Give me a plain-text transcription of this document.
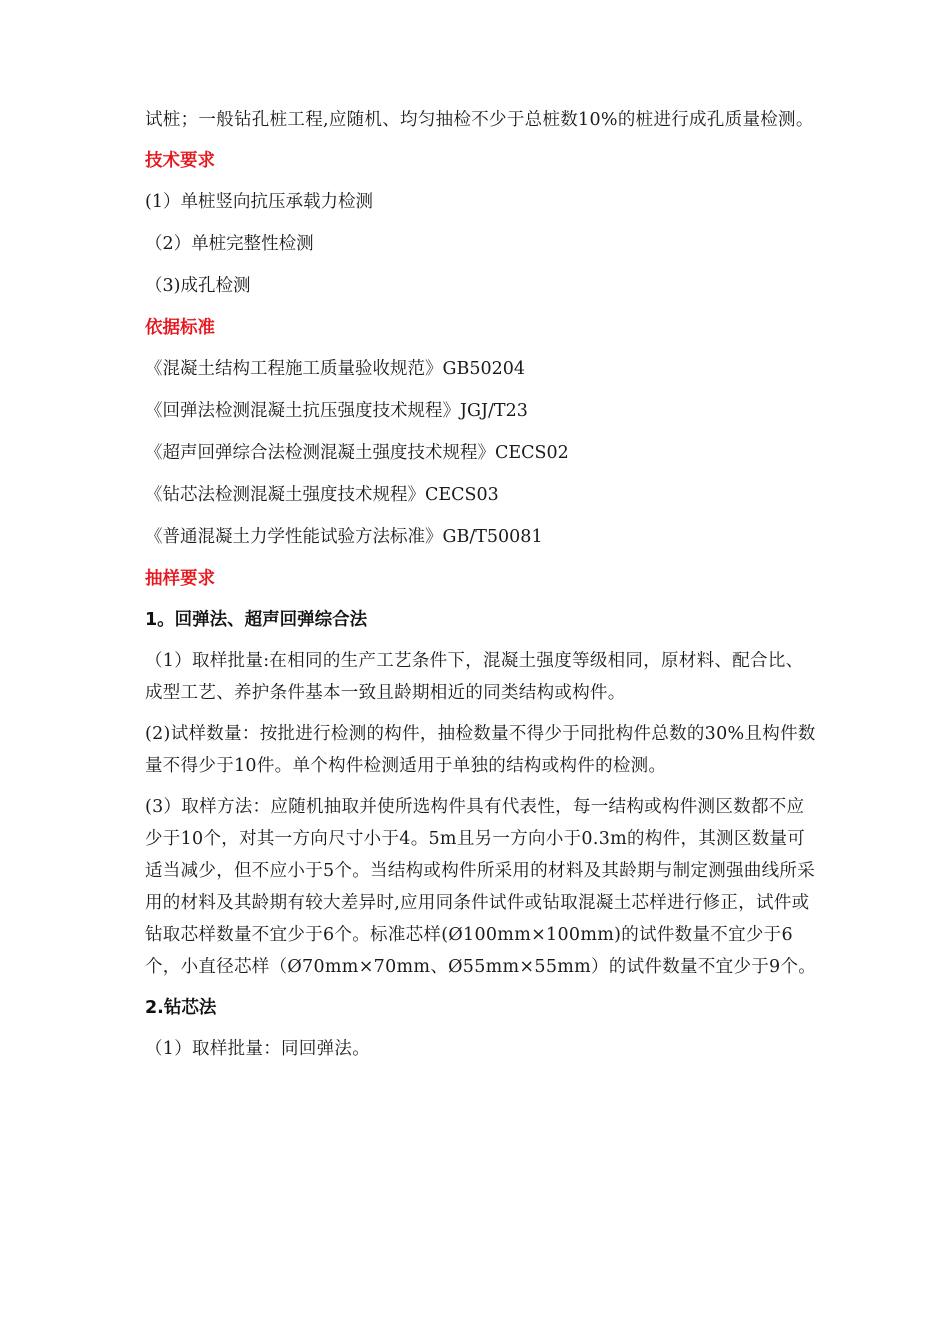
试桩；一般钻孔桩工程,应随机、均匀抽检不少于总桩数10%的桩进行成孔质量检测。

技术要求
(1）单桩竖向抗压承载力检测
（2）单桩完整性检测
（3)成孔检测
依据标准
《混凝土结构工程施工质量验收规范》GB50204
《回弹法检测混凝土抗压强度技术规程》JGJ/T23
《超声回弹综合法检测混凝土强度技术规程》CECS02
《钻芯法检测混凝土强度技术规程》CECS03
《普通混凝土力学性能试验方法标准》GB/T50081
抽样要求
1。回弹法、超声回弹综合法

（1）取样批量:在相同的生产工艺条件下，混凝土强度等级相同，原材料、配合比、成型工艺、养护条件基本一致且龄期相近的同类结构或构件。

(2)试样数量：按批进行检测的构件，抽检数量不得少于同批构件总数的30%且构件数量不得少于10件。单个构件检测适用于单独的结构或构件的检测。

(3）取样方法：应随机抽取并使所选构件具有代表性，每一结构或构件测区数都不应少于10个，对其一方向尺寸小于4。5m且另一方向小于0.3m的构件，其测区数量可适当减少，但不应小于5个。当结构或构件所采用的材料及其龄期与制定测强曲线所采用的材料及其龄期有较大差异时,应用同条件试件或钻取混凝土芯样进行修正，试件或钻取芯样数量不宜少于6个。标准芯样(Ø100mm×100mm)的试件数量不宜少于6个，小直径芯样（Ø70mm×70mm、Ø55mm×55mm）的试件数量不宜少于9个。

2.钻芯法

（1）取样批量：同回弹法。
